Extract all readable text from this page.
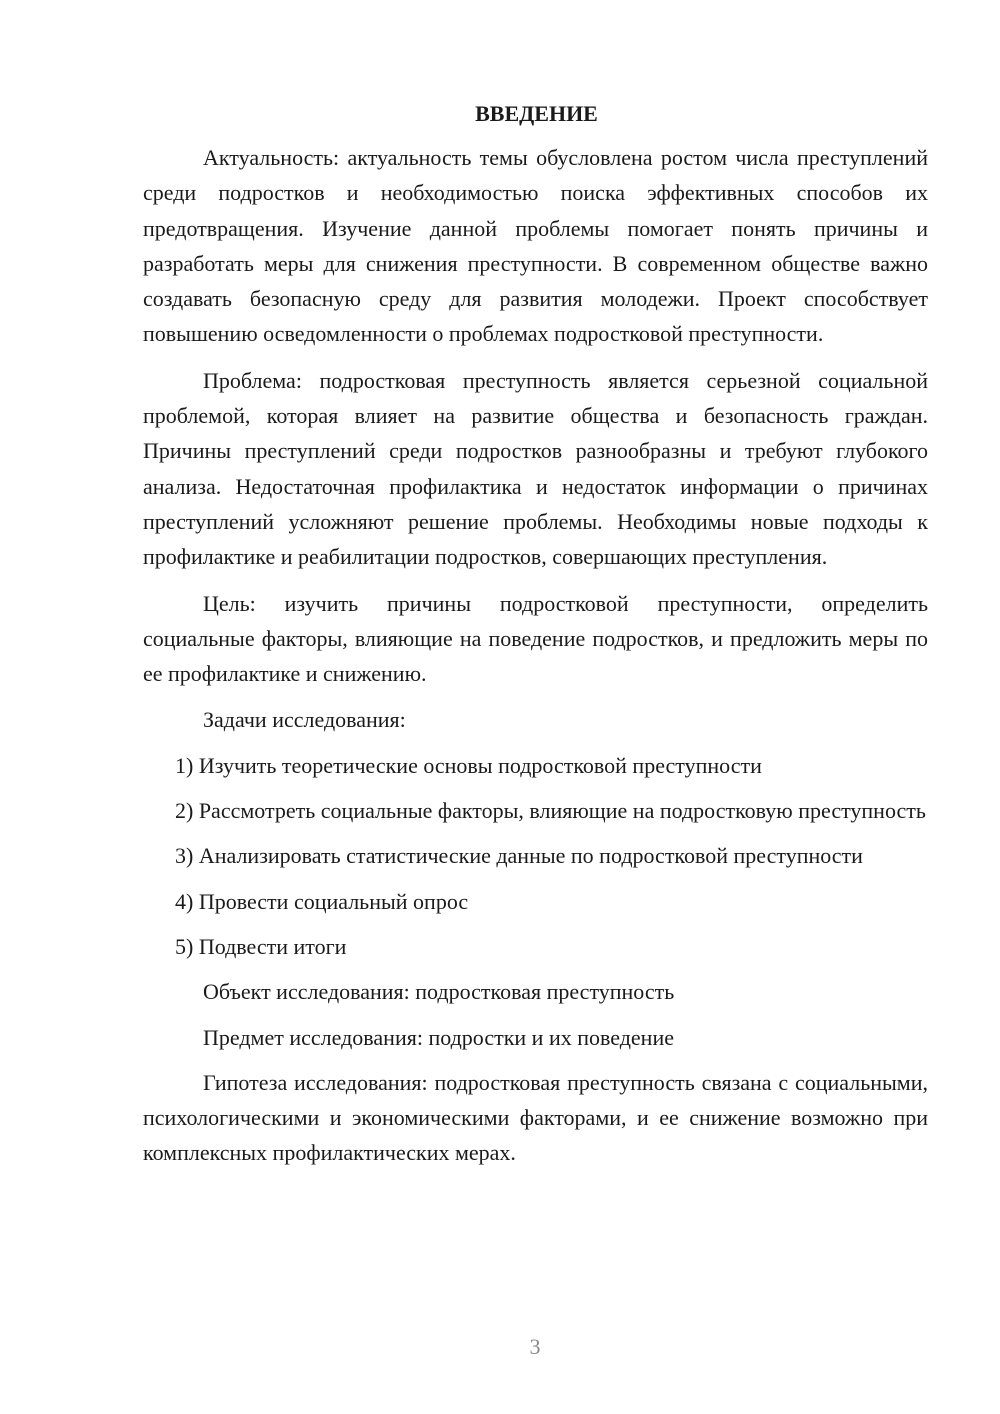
ВВЕДЕНИЕ

Актуальность: актуальность темы обусловлена ростом числа преступлений среди подростков и необходимостью поиска эффективных способов их предотвращения. Изучение данной проблемы помогает понять причины и разработать меры для снижения преступности. В современном обществе важно создавать безопасную среду для развития молодежи. Проект способствует повышению осведомленности о проблемах подростковой преступности.

Проблема: подростковая преступность является серьезной социальной проблемой, которая влияет на развитие общества и безопасность граждан. Причины преступлений среди подростков разнообразны и требуют глубокого анализа. Недостаточная профилактика и недостаток информации о причинах преступлений усложняют решение проблемы. Необходимы новые подходы к профилактике и реабилитации подростков, совершающих преступления.

Цель: изучить причины подростковой преступности, определить социальные факторы, влияющие на поведение подростков, и предложить меры по ее профилактике и снижению.

Задачи исследования:

1) Изучить теоретические основы подростковой преступности

2) Рассмотреть социальные факторы, влияющие на подростковую преступность

3) Анализировать статистические данные по подростковой преступности

4) Провести социальный опрос

5) Подвести итоги

Объект исследования: подростковая преступность

Предмет исследования: подростки и их поведение

Гипотеза исследования: подростковая преступность связана с социальными, психологическими и экономическими факторами, и ее снижение возможно при комплексных профилактических мерах.

3
